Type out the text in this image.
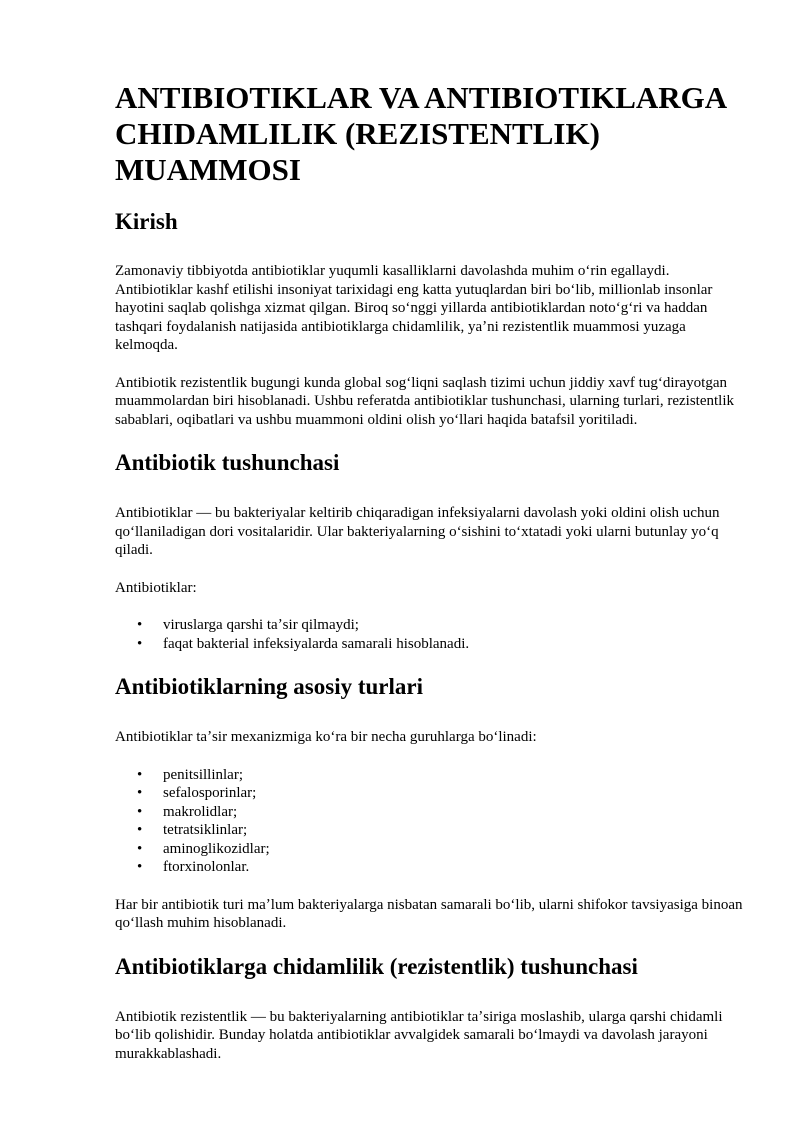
ANTIBIOTIKLAR VA ANTIBIOTIKLARGA CHIDAMLILIK (REZISTENTLIK) MUAMMOSI
Kirish

Zamonaviy tibbiyotda antibiotiklar yuqumli kasalliklarni davolashda muhim oʻrin egallaydi. Antibiotiklar kashf etilishi insoniyat tarixidagi eng katta yutuqlardan biri boʻlib, millionlab insonlar hayotini saqlab qolishga xizmat qilgan. Biroq soʻnggi yillarda antibiotiklardan notoʻgʻri va haddan tashqari foydalanish natijasida antibiotiklarga chidamlilik, yaʼni rezistentlik muammosi yuzaga kelmoqda.

Antibiotik rezistentlik bugungi kunda global sogʻliqni saqlash tizimi uchun jiddiy xavf tugʻdirayotgan muammolardan biri hisoblanadi. Ushbu referatda antibiotiklar tushunchasi, ularning turlari, rezistentlik sabablari, oqibatlari va ushbu muammoni oldini olish yoʻllari haqida batafsil yoritiladi.

Antibiotik tushunchasi

Antibiotiklar — bu bakteriyalar keltirib chiqaradigan infeksiyalarni davolash yoki oldini olish uchun qoʻllaniladigan dori vositalaridir. Ular bakteriyalarning oʻsishini toʻxtatadi yoki ularni butunlay yoʻq qiladi.

Antibiotiklar:

• viruslarga qarshi taʼsir qilmaydi;
• faqat bakterial infeksiyalarda samarali hisoblanadi.
Antibiotiklarning asosiy turlari

Antibiotiklar taʼsir mexanizmiga koʻra bir necha guruhlarga boʻlinadi:

• penitsillinlar;
• sefalosporinlar;
• makrolidlar;
• tetratsiklinlar;
• aminoglikozidlar;
• ftorxinolonlar.

Har bir antibiotik turi maʼlum bakteriyalarga nisbatan samarali boʻlib, ularni shifokor tavsiyasiga binoan qoʻllash muhim hisoblanadi.

Antibiotiklarga chidamlilik (rezistentlik) tushunchasi

Antibiotik rezistentlik — bu bakteriyalarning antibiotiklar taʼsiriga moslashib, ularga qarshi chidamli boʻlib qolishidir. Bunday holatda antibiotiklar avvalgidek samarali boʻlmaydi va davolash jarayoni murakkablashadi.
